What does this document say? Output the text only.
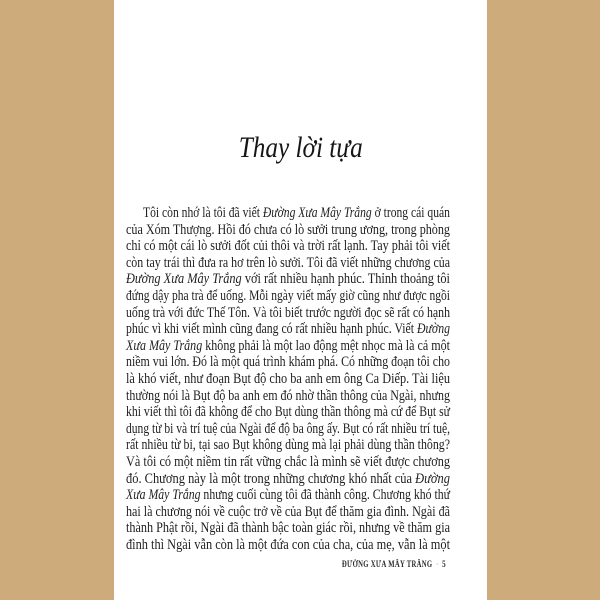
Thay lời tựa
Tôi còn nhớ là tôi đã viết Đường Xưa Mây Trắng ở trong cái quán
của Xóm Thượng. Hồi đó chưa có lò sưởi trung ương, trong phòng
chỉ có một cái lò sưởi đốt củi thôi và trời rất lạnh. Tay phải tôi viết
còn tay trái thì đưa ra hơ trên lò sưởi. Tôi đã viết những chương của
Đường Xưa Mây Trắng với rất nhiều hạnh phúc. Thỉnh thoảng tôi
đứng dậy pha trà để uống. Mỗi ngày viết mấy giờ cũng như được ngồi
uống trà với đức Thế Tôn. Và tôi biết trước người đọc sẽ rất có hạnh
phúc vì khi viết mình cũng đang có rất nhiều hạnh phúc. Viết Đường
Xưa Mây Trắng không phải là một lao động mệt nhọc mà là cả một
niềm vui lớn. Đó là một quá trình khám phá. Có những đoạn tôi cho
là khó viết, như đoạn Bụt độ cho ba anh em ông Ca Diếp. Tài liệu
thường nói là Bụt độ ba anh em đó nhờ thần thông của Ngài, nhưng
khi viết thì tôi đã không để cho Bụt dùng thần thông mà cứ để Bụt sử
dụng từ bi và trí tuệ của Ngài để độ ba ông ấy. Bụt có rất nhiều trí tuệ,
rất nhiều từ bi, tại sao Bụt không dùng mà lại phải dùng thần thông?
Và tôi có một niềm tin rất vững chắc là mình sẽ viết được chương
đó. Chương này là một trong những chương khó nhất của Đường
Xưa Mây Trắng nhưng cuối cùng tôi đã thành công. Chương khó thứ
hai là chương nói về cuộc trở về của Bụt để thăm gia đình. Ngài đã
thành Phật rồi, Ngài đã thành bậc toàn giác rồi, nhưng về thăm gia
đình thì Ngài vẫn còn là một đứa con của cha, của mẹ, vẫn là một
ĐƯỜNG XƯA MÂY TRẮNG · 5
